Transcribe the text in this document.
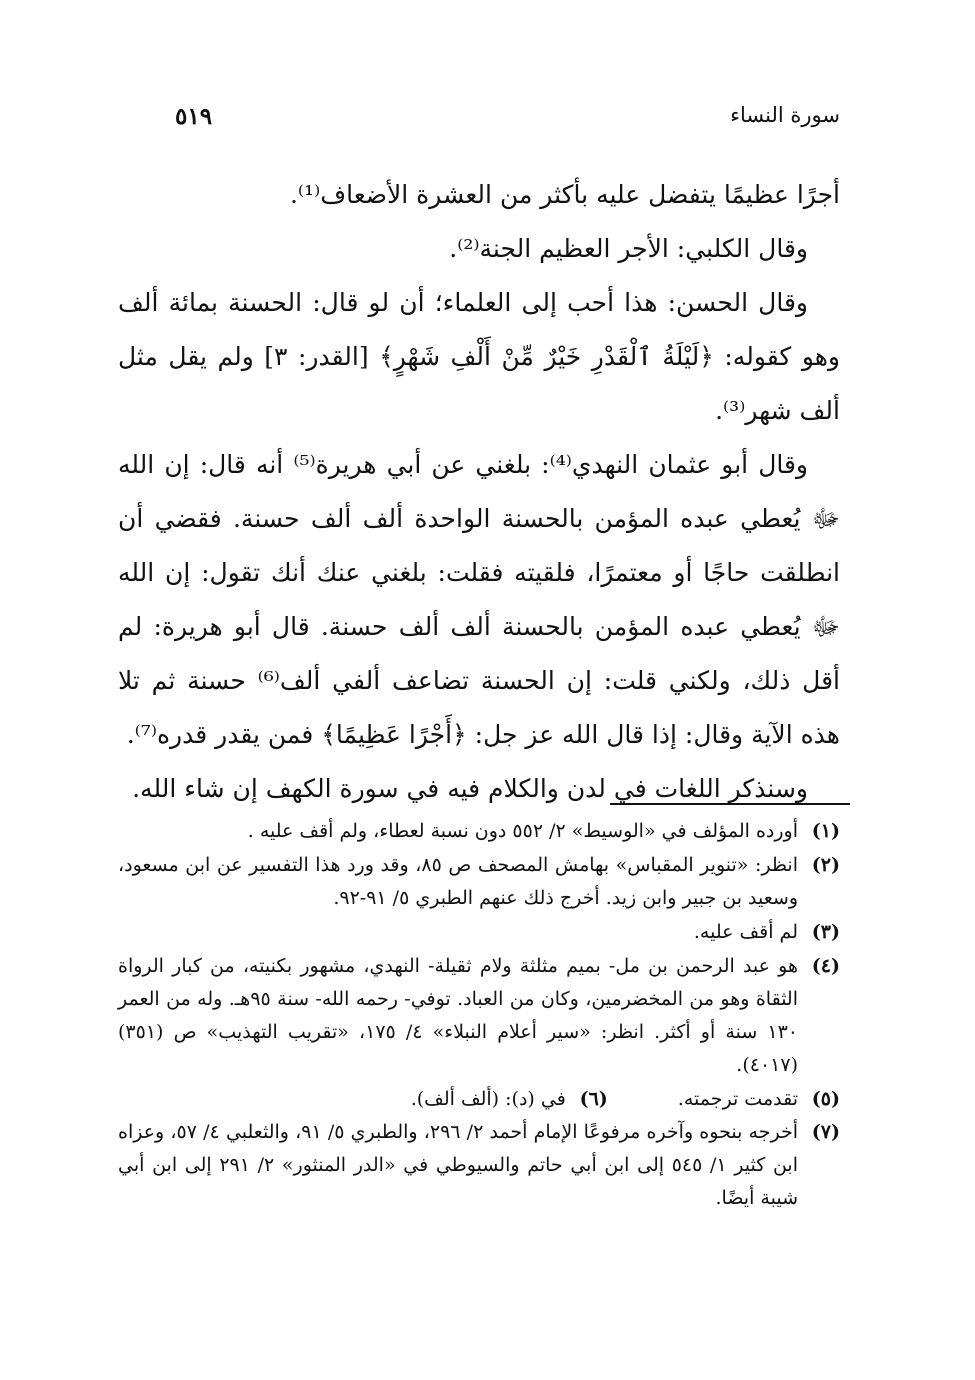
سورة النساء
٥١٩

أجرًا عظيمًا يتفضل عليه بأكثر من العشرة الأضعاف⁽¹⁾.

وقال الكلبي: الأجر العظيم الجنة⁽²⁾.

وقال الحسن: هذا أحب إلى العلماء؛ أن لو قال: الحسنة بمائة ألف وهو كقوله: ﴿لَيْلَةُ ٱلْقَدْرِ خَيْرٌ مِّنْ أَلْفِ شَهْرٍ﴾ [القدر: ٣] ولم يقل مثل ألف شهر⁽³⁾.

وقال أبو عثمان النهدي⁽⁴⁾: بلغني عن أبي هريرة⁽⁵⁾ أنه قال: إن الله ﷻ يُعطي عبده المؤمن بالحسنة الواحدة ألف ألف حسنة. فقضي أن انطلقت حاجًا أو معتمرًا، فلقيته فقلت: بلغني عنك أنك تقول: إن الله ﷻ يُعطي عبده المؤمن بالحسنة ألف ألف حسنة. قال أبو هريرة: لم أقل ذلك، ولكني قلت: إن الحسنة تضاعف ألفي ألف⁽⁶⁾ حسنة ثم تلا هذه الآية وقال: إذا قال الله عز جل: ﴿أَجْرًا عَظِيمًا﴾ فمن يقدر قدره⁽⁷⁾.

وسنذكر اللغات في لدن والكلام فيه في سورة الكهف إن شاء الله.

(١)
أورده المؤلف في «الوسيط» ٢/ ٥٥٢ دون نسبة لعطاء، ولم أقف عليه .
(٢)
انظر: «تنوير المقباس» بهامش المصحف ص ٨٥، وقد ورد هذا التفسير عن ابن مسعود، وسعيد بن جبير وابن زيد. أخرج ذلك عنهم الطبري ٥/ ٩١-٩٢.
(٣)
لم أقف عليه.
(٤)
هو عبد الرحمن بن مل- بميم مثلثة ولام ثقيلة- النهدي، مشهور بكنيته، من كبار الرواة الثقاة وهو من المخضرمين، وكان من العباد. توفي- رحمه الله- سنة ٩٥هـ. وله من العمر ١٣٠ سنة أو أكثر. انظر: «سير أعلام النبلاء» ٤/ ١٧٥، «تقريب التهذيب» ص (٣٥١) (٤٠١٧).
(٥)
تقدمت ترجمته.
(٦)
في (د): (ألف ألف).
(٧)
أخرجه بنحوه وآخره مرفوعًا الإمام أحمد ٢/ ٢٩٦، والطبري ٥/ ٩١، والثعلبي ٤/ ٥٧، وعزاه ابن كثير ١/ ٥٤٥ إلى ابن أبي حاتم والسيوطي في «الدر المنثور» ٢/ ٢٩١ إلى ابن أبي شيبة أيضًا.
